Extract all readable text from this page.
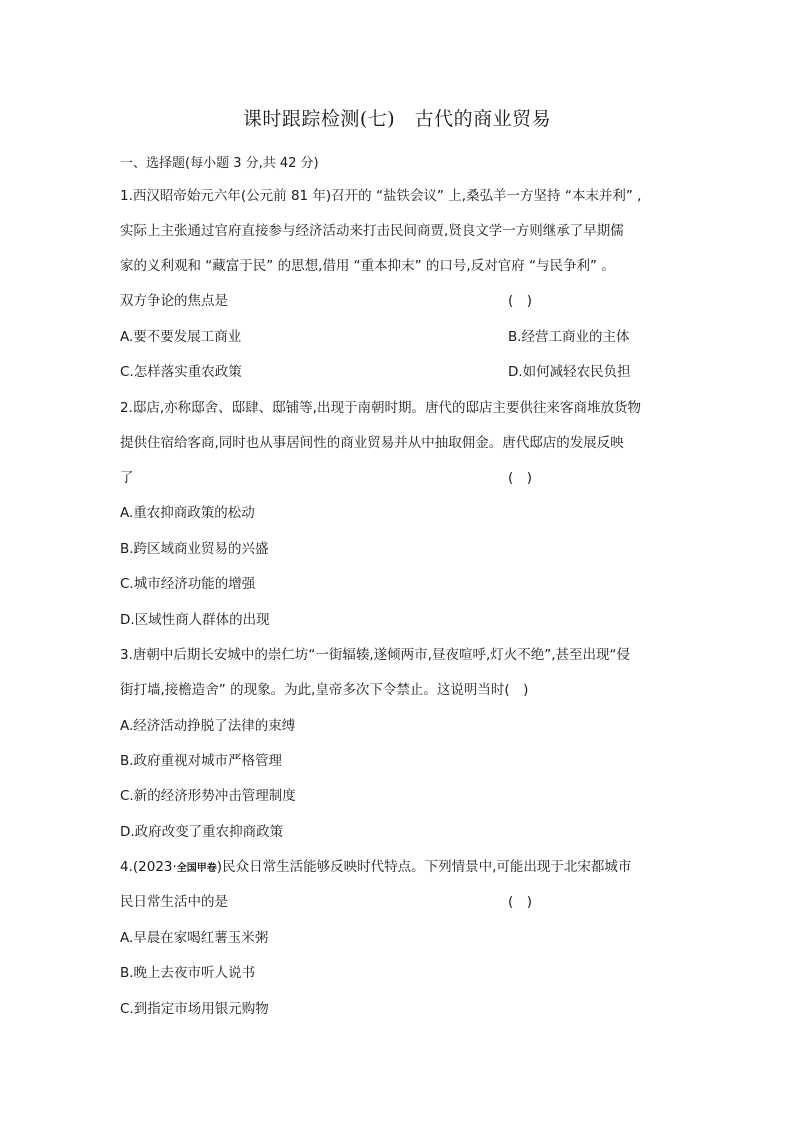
课时跟踪检测(七)　古代的商业贸易
一、选择题(每小题 3 分,共 42 分)
1.西汉昭帝始元六年(公元前 81 年)召开的 “盐铁会议” 上,桑弘羊一方坚持 “本末并利” ,
实际上主张通过官府直接参与经济活动来打击民间商贾,贤良文学一方则继承了早期儒
家的义利观和 “藏富于民” 的思想,借用 “重本抑末” 的口号,反对官府 “与民争利” 。
双方争论的焦点是	(　)
A.要不要发展工商业	B.经营工商业的主体
C.怎样落实重农政策	D.如何减轻农民负担
2.邸店,亦称邸舍、邸肆、邸铺等,出现于南朝时期。唐代的邸店主要供往来客商堆放货物
提供住宿给客商,同时也从事居间性的商业贸易并从中抽取佣金。唐代邸店的发展反映
了	(　)
A.重农抑商政策的松动
B.跨区域商业贸易的兴盛
C.城市经济功能的增强
D.区域性商人群体的出现
3.唐朝中后期长安城中的崇仁坊“一街辐辏,遂倾两市,昼夜喧呼,灯火不绝”,甚至出现“侵
街打墙,接檐造舍” 的现象。为此,皇帝多次下令禁止。这说明当时(　)
A.经济活动挣脱了法律的束缚
B.政府重视对城市严格管理
C.新的经济形势冲击管理制度
D.政府改变了重农抑商政策
4.(2023·全国甲卷)民众日常生活能够反映时代特点。下列情景中,可能出现于北宋都城市
民日常生活中的是	(　)
A.早晨在家喝红薯玉米粥
B.晚上去夜市听人说书
C.到指定市场用银元购物
